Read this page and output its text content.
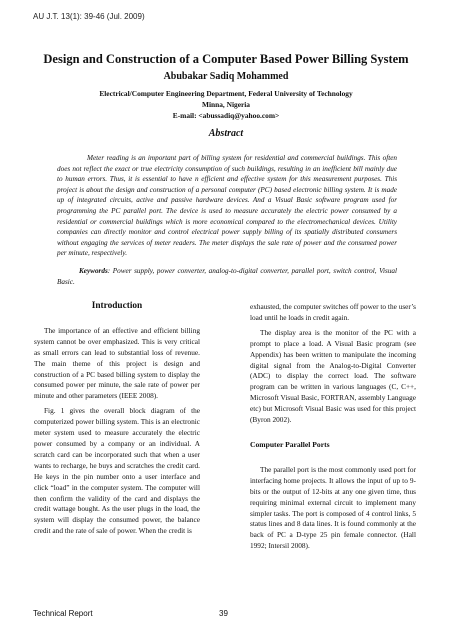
AU J.T. 13(1): 39-46 (Jul. 2009)
Design and Construction of a Computer Based Power Billing System
Abubakar Sadiq Mohammed
Electrical/Computer Engineering Department, Federal University of Technology
Minna, Nigeria
E-mail: <abussadiq@yahoo.com>
Abstract
Meter reading is an important part of billing system for residential and commercial buildings. This often does not reflect the exact or true electricity consumption of such buildings, resulting in an inefficient bill mainly due to human errors. Thus, it is essential to have n efficient and effective system for this measurement purposes. This project is about the design and construction of a personal computer (PC) based electronic billing system. It is made up of integrated circuits, active and passive hardware devices. And a Visual Basic software program used for programming the PC parallel port. The device is used to measure accurately the electric power consumed by a residential or commercial buildings which is more economical compared to the electromechanical devices. Utility companies can directly monitor and control electrical power supply billing of its spatially distributed consumers without engaging the services of meter readers. The meter displays the sale rate of power and the consumed power per minute, respectively.
Keywords: Power supply, power converter, analog-to-digital converter, parallel port, switch control, Visual Basic.
Introduction

The importance of an effective and efficient billing system cannot be over emphasized. This is very critical as small errors can lead to substantial loss of revenue. The main theme of this project is design and construction of a PC based billing system to display the consumed power per minute, the sale rate of power per minute and other parameters (IEEE 2008).

Fig. 1 gives the overall block diagram of the computerized power billing system. This is an electronic meter system used to measure accurately the electric power consumed by a company or an individual. A scratch card can be incorporated such that when a user wants to recharge, he buys and scratches the credit card. He keys in the pin number onto a user interface and click “load” in the computer system. The computer will then confirm the validity of the card and displays the credit wattage bought. As the user plugs in the load, the system will display the consumed power, the balance credit and the rate of sale of power. When the credit is

exhausted, the computer switches off power to the user’s load until he loads in credit again.

The display area is the monitor of the PC with a prompt to place a load. A Visual Basic program (see Appendix) has been written to manipulate the incoming digital signal from the Analog-to-Digital Converter (ADC) to display the correct load. The software program can be written in various languages (C, C++, Microsoft Visual Basic, FORTRAN, assembly Language etc) but Microsoft Visual Basic was used for this project (Byron 2002).

Computer Parallel Ports

The parallel port is the most commonly used port for interfacing home projects. It allows the input of up to 9-bits or the output of 12-bits at any one given time, thus requiring minimal external circuit to implement many simpler tasks. The port is composed of 4 control links, 5 status lines and 8 data lines. It is found commonly at the back of PC a D-type 25 pin female connector. (Hall 1992; Intersil 2008).

Technical Report	39
